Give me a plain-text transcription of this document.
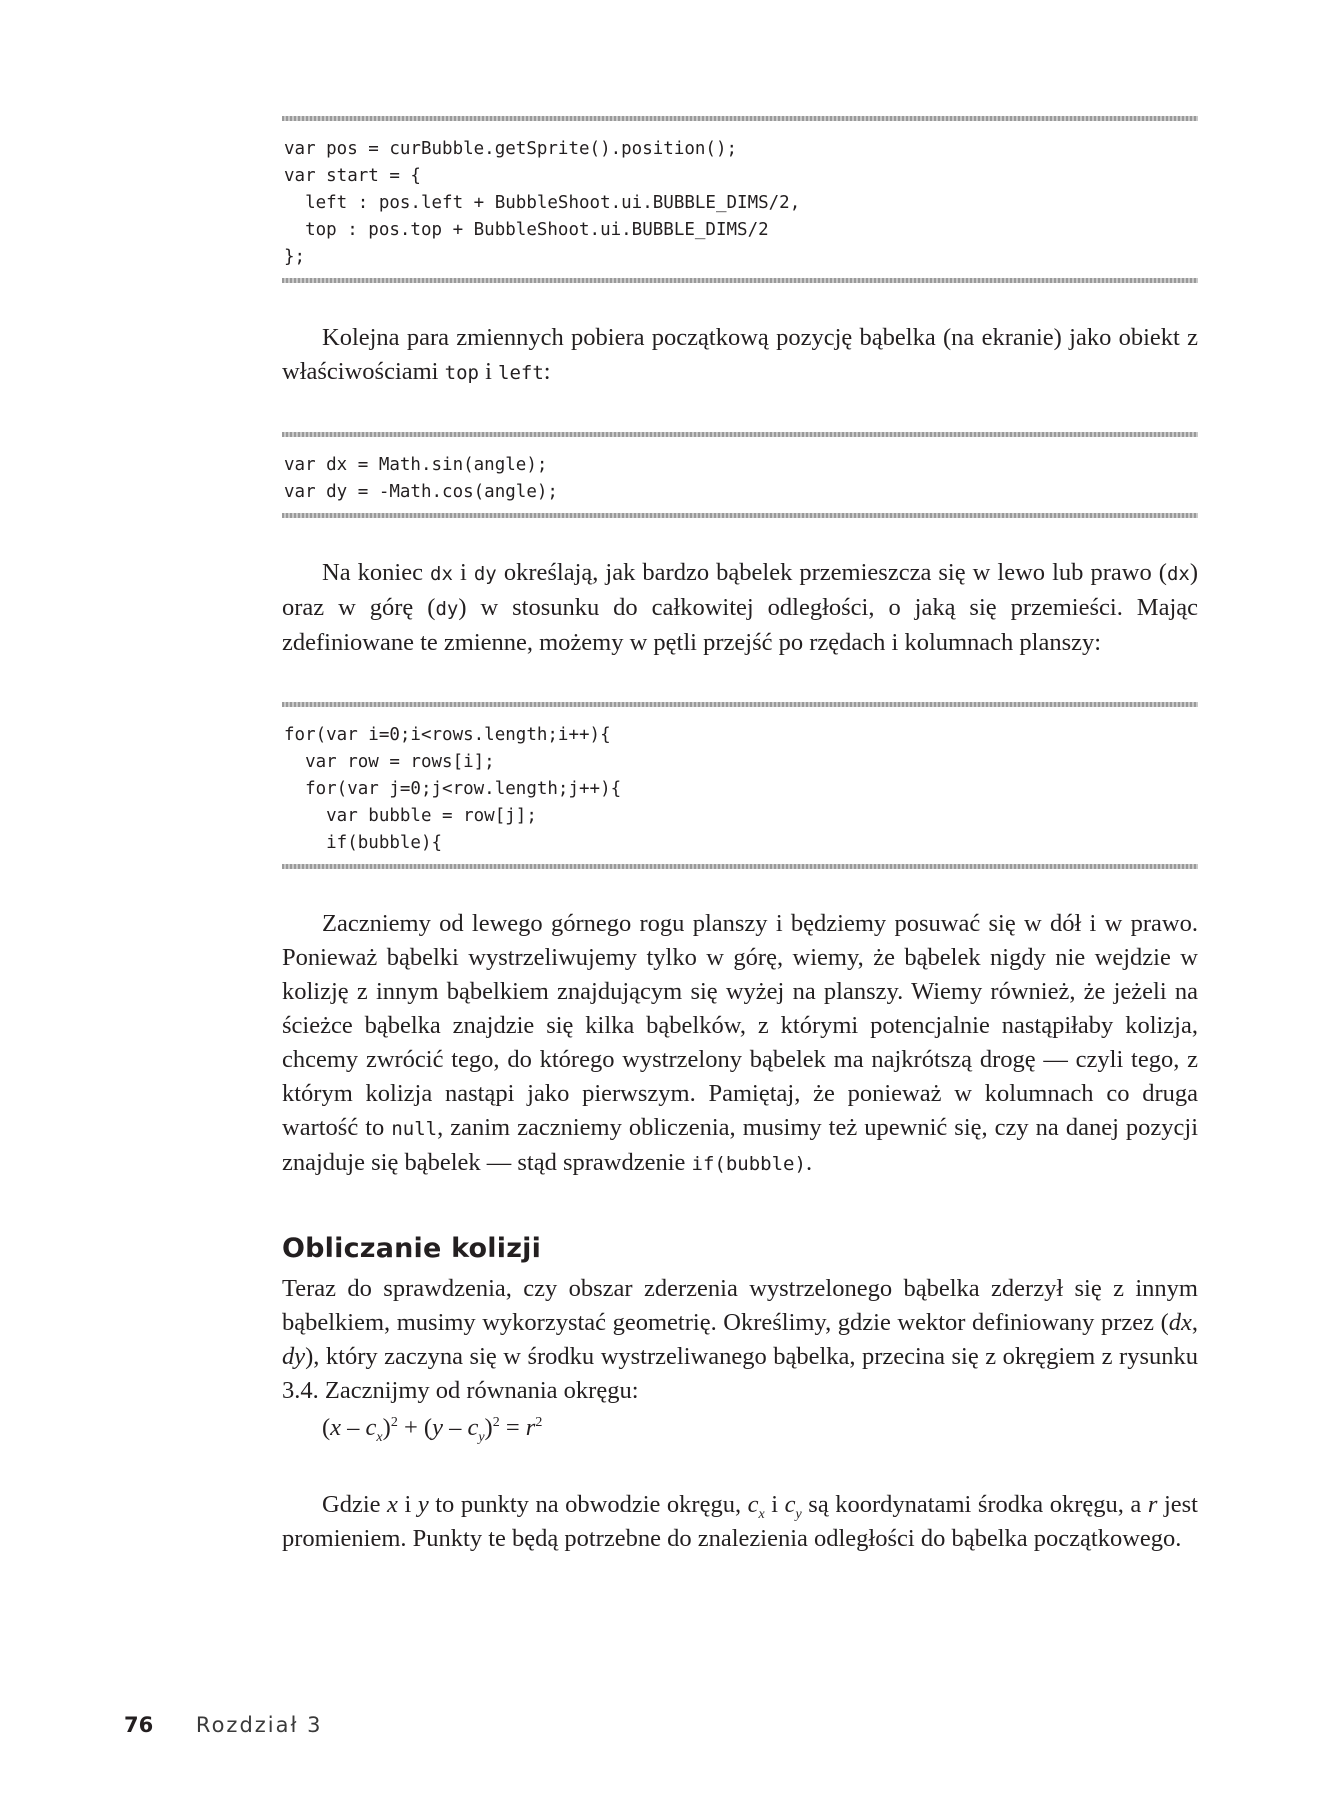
var pos = curBubble.getSprite().position();
var start = {
left : pos.left + BubbleShoot.ui.BUBBLE_DIMS/2,
top : pos.top + BubbleShoot.ui.BUBBLE_DIMS/2
};

Kolejna para zmiennych pobiera początkową pozycję bąbelka (na ekranie) jako obiekt z właściwościami top i left:

var dx = Math.sin(angle);
var dy = -Math.cos(angle);

Na koniec dx i dy określają, jak bardzo bąbelek przemieszcza się w lewo lub prawo (dx) oraz w górę (dy) w stosunku do całkowitej odległości, o jaką się przemieści. Mając zdefiniowane te zmienne, możemy w pętli przejść po rzędach i kolumnach planszy:

for(var i=0;i<rows.length;i++){
var row = rows[i];
for(var j=0;j<row.length;j++){
var bubble = row[j];
if(bubble){

Zaczniemy od lewego górnego rogu planszy i będziemy posuwać się w dół i w prawo. Ponieważ bąbelki wystrzeliwujemy tylko w górę, wiemy, że bąbelek nigdy nie wejdzie w kolizję z innym bąbelkiem znajdującym się wyżej na planszy. Wiemy również, że jeżeli na ścieżce bąbelka znajdzie się kilka bąbelków, z którymi potencjalnie nastąpiłaby kolizja, chcemy zwrócić tego, do którego wystrzelony bąbelek ma najkrótszą drogę — czyli tego, z którym kolizja nastąpi jako pierwszym. Pamiętaj, że ponieważ w kolumnach co druga wartość to null, zanim zaczniemy obliczenia, musimy też upewnić się, czy na danej pozycji znajduje się bąbelek — stąd sprawdzenie if(bubble).

Obliczanie kolizji

Teraz do sprawdzenia, czy obszar zderzenia wystrzelonego bąbelka zderzył się z innym bąbelkiem, musimy wykorzystać geometrię. Określimy, gdzie wektor definiowany przez (dx, dy), który zaczyna się w środku wystrzeliwanego bąbelka, przecina się z okręgiem z rysunku 3.4. Zacznijmy od równania okręgu:

$(x - c_x)^2 + (y - c_y)^2 = r^2$

Gdzie x i y to punkty na obwodzie okręgu, $c_x$ i $c_y$ są koordynatami środka okręgu, a r jest promieniem. Punkty te będą potrzebne do znalezienia odległości do bąbelka początkowego.

76 Rozdział 3
